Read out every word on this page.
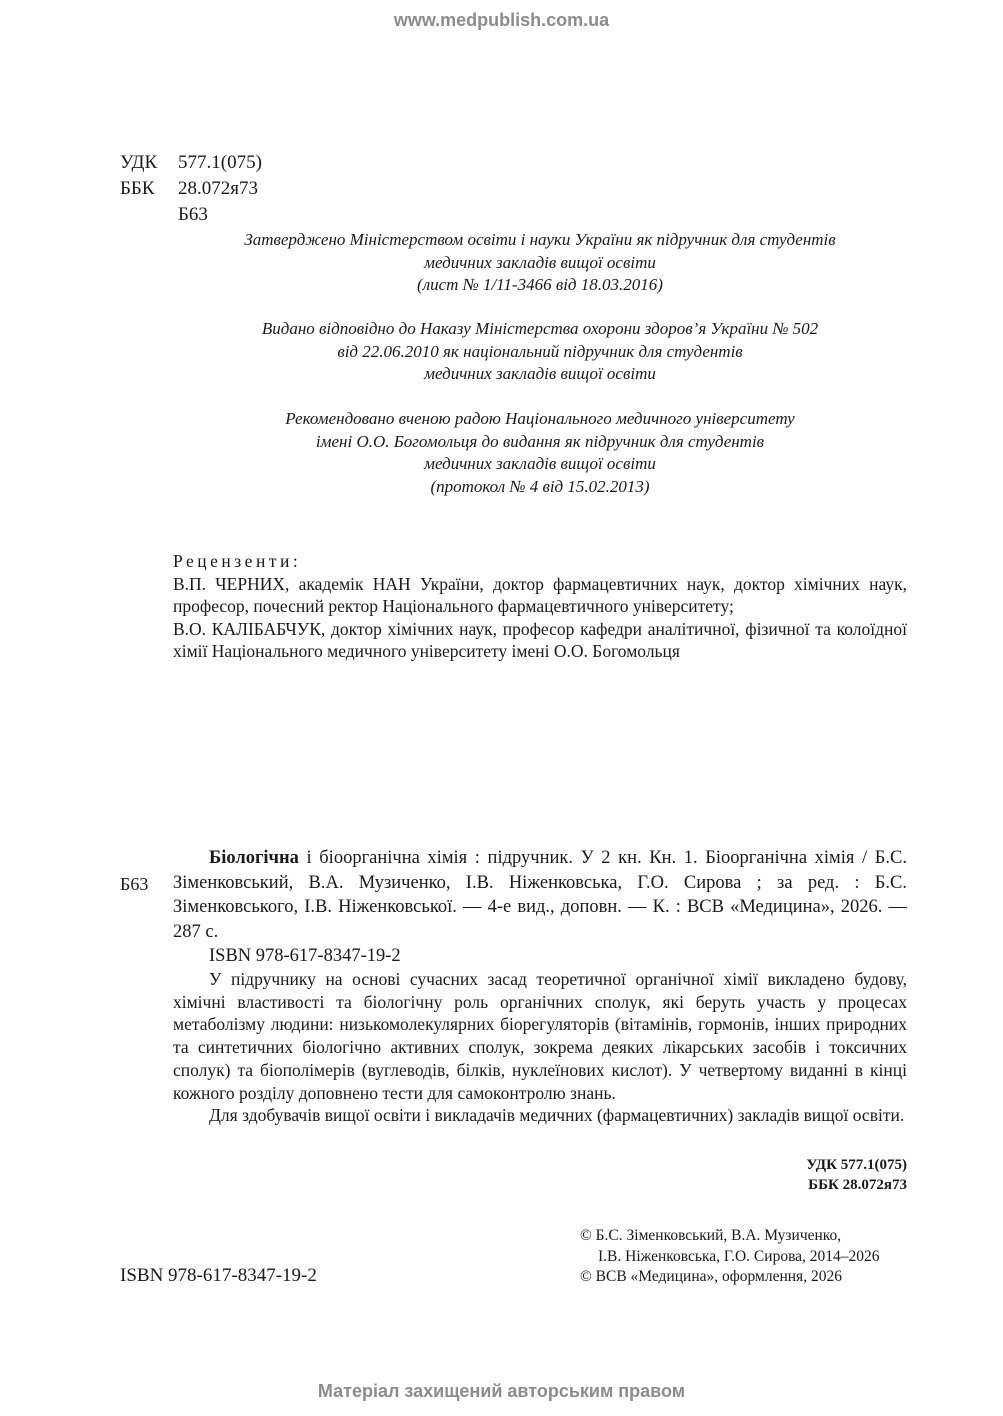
www.medpublish.com.ua
УДК	577.1(075)
ББК	28.072я73
Б63
Затверджено Міністерством освіти і науки України як підручник для студентів
медичних закладів вищої освіти
(лист № 1/11-3466 від 18.03.2016)
Видано відповідно до Наказу Міністерства охорони здоров’я України № 502
від 22.06.2010 як національний підручник для студентів
медичних закладів вищої освіти
Рекомендовано вченою радою Національного медичного університету
імені О.О. Богомольця до видання як підручник для студентів
медичних закладів вищої освіти
(протокол № 4 від 15.02.2013)

Рецензенти:

В.П. ЧЕРНИХ, академік НАН України, доктор фармацевтичних наук, доктор хімічних наук, професор, почесний ректор Національного фармацевтичного університету;

В.О. КАЛІБАБЧУК, доктор хімічних наук, професор кафедри аналітичної, фізичної та колоїдної хімії Національного медичного університету імені О.О. Богомольця

Б63

Біологічна і біоорганічна хімія : підручник. У 2 кн. Кн. 1. Біоорганічна хімія / Б.С. Зіменковський, В.А. Музиченко, І.В. Ніженковська, Г.О. Сирова ; за ред. : Б.С. Зіменковського, І.В. Ніженковської. — 4-е вид., доповн. — К. : ВСВ «Медицина», 2026. — 287 с.

ISBN 978-617-8347-19-2

У підручнику на основі сучасних засад теоретичної органічної хімії викладено будову, хімічні властивості та біологічну роль органічних сполук, які беруть участь у процесах метаболізму людини: низькомолекулярних біорегуляторів (вітамінів, гормонів, інших природних та синтетичних біологічно активних сполук, зокрема деяких лікарських засобів і токсичних сполук) та біополімерів (вуглеводів, білків, нуклеїнових кислот). У четвертому виданні в кінці кожного розділу доповнено тести для самоконтролю знань.

Для здобувачів вищої освіти і викладачів медичних (фармацевтичних) закладів вищої освіти.

УДК 577.1(075)
ББК 28.072я73
ISBN 978-617-8347-19-2
© Б.С. Зіменковський, В.А. Музиченко,
І.В. Ніженковська, Г.О. Сирова, 2014–2026
© ВСВ «Медицина», оформлення, 2026
Матеріал захищений авторським правом
